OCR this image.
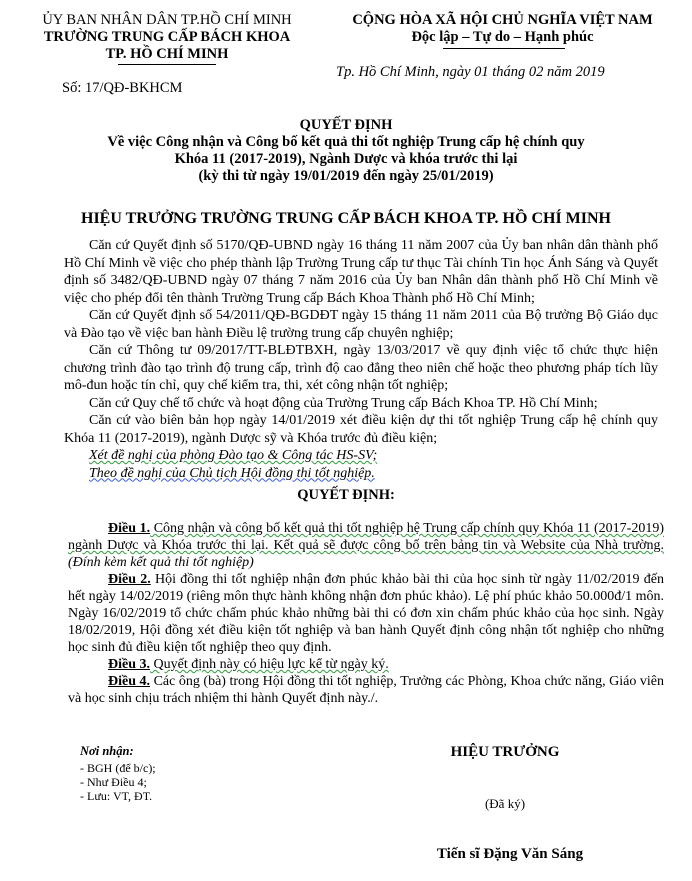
ỦY BAN NHÂN DÂN TP.HỒ CHÍ MINH
TRƯỜNG TRUNG CẤP BÁCH KHOA
TP. HỒ CHÍ MINH
Số: 17/QĐ-BKHCM
CỘNG HÒA XÃ HỘI CHỦ NGHĨA VIỆT NAM
Độc lập – Tự do – Hạnh phúc
Tp. Hồ Chí Minh, ngày 01 tháng 02 năm 2019
QUYẾT ĐỊNH
Về việc Công nhận và Công bố kết quả thi tốt nghiệp Trung cấp hệ chính quy
Khóa 11 (2017-2019), Ngành Dược và khóa trước thi lại
(kỳ thi từ ngày 19/01/2019 đến ngày 25/01/2019)
HIỆU TRƯỞNG TRƯỜNG TRUNG CẤP BÁCH KHOA TP. HỒ CHÍ MINH

Căn cứ Quyết định số 5170/QĐ-UBND ngày 16 tháng 11 năm 2007 của Ủy ban nhân dân thành phố Hồ Chí Minh về việc cho phép thành lập Trường Trung cấp tư thục Tài chính Tin học Ánh Sáng và Quyết định số 3482/QĐ-UBND ngày 07 tháng 7 năm 2016 của Ủy ban Nhân dân thành phố Hồ Chí Minh về việc cho phép đổi tên thành Trường Trung cấp Bách Khoa Thành phố Hồ Chí Minh;

Căn cứ Quyết định số 54/2011/QĐ-BGDĐT ngày 15 tháng 11 năm 2011 của Bộ trưởng Bộ Giáo dục và Đào tạo về việc ban hành Điều lệ trường trung cấp chuyên nghiệp;

Căn cứ Thông tư 09/2017/TT-BLĐTBXH, ngày 13/03/2017 về quy định việc tổ chức thực hiện chương trình đào tạo trình độ trung cấp, trình độ cao đẳng theo niên chế hoặc theo phương pháp tích lũy mô-đun hoặc tín chỉ, quy chế kiểm tra, thi, xét công nhận tốt nghiệp;

Căn cứ Quy chế tổ chức và hoạt động của Trường Trung cấp Bách Khoa TP. Hồ Chí Minh;

Căn cứ vào biên bản họp ngày 14/01/2019 xét điều kiện dự thi tốt nghiệp Trung cấp hệ chính quy Khóa 11 (2017-2019), ngành Dược sỹ và Khóa trước đủ điều kiện;

Xét đề nghị của phòng Đào tạo & Công tác HS-SV;

Theo đề nghị của Chủ tịch Hội đồng thi tốt nghiệp.

QUYẾT ĐỊNH:

Điều 1. Công nhận và công bố kết quả thi tốt nghiệp hệ Trung cấp chính quy Khóa 11 (2017-2019) ngành Dược và Khóa trước thi lại. Kết quả sẽ được công bố trên bảng tin và Website của Nhà trường. (Đính kèm kết quả thi tốt nghiệp)

Điều 2. Hội đồng thi tốt nghiệp nhận đơn phúc khảo bài thi của học sinh từ ngày 11/02/2019 đến hết ngày 14/02/2019 (riêng môn thực hành không nhận đơn phúc khảo). Lệ phí phúc khảo 50.000đ/1 môn. Ngày 16/02/2019 tổ chức chấm phúc khảo những bài thi có đơn xin chấm phúc khảo của học sinh. Ngày 18/02/2019, Hội đồng xét điều kiện tốt nghiệp và ban hành Quyết định công nhận tốt nghiệp cho những học sinh đủ điều kiện tốt nghiệp theo quy định.

Điều 3. Quyết định này có hiệu lực kể từ ngày ký.

Điều 4. Các ông (bà) trong Hội đồng thi tốt nghiệp, Trưởng các Phòng, Khoa chức năng, Giáo viên và học sinh chịu trách nhiệm thi hành Quyết định này./.

Nơi nhận:
- BGH (để b/c);
- Như Điều 4;
- Lưu: VT, ĐT.
HIỆU TRƯỞNG
(Đã ký)
Tiến sĩ Đặng Văn Sáng
